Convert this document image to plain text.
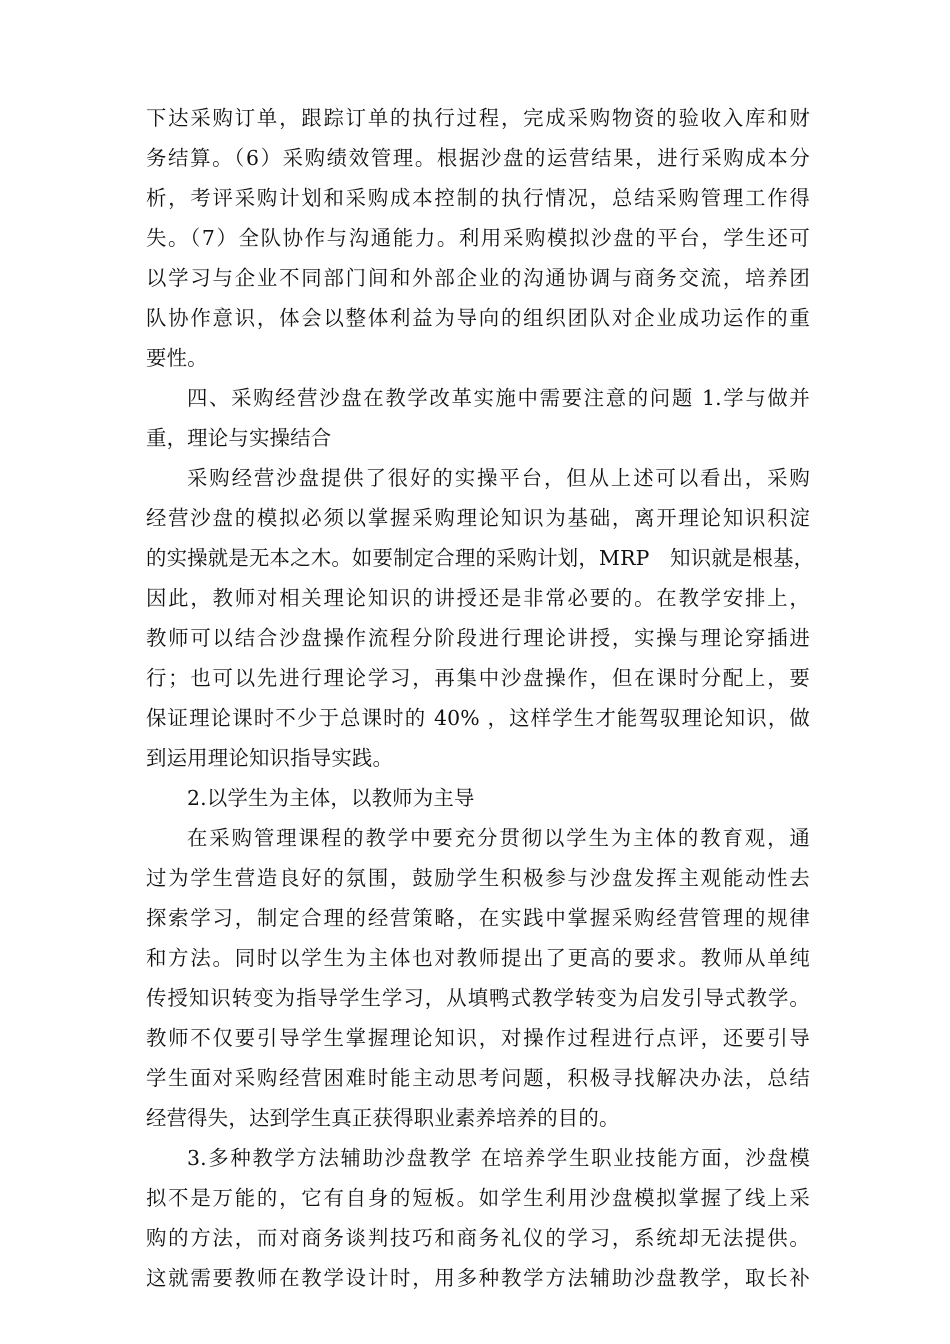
下达采购订单，跟踪订单的执行过程，完成采购物资的验收入库和财
务结算。（6）采购绩效管理。根据沙盘的运营结果，进行采购成本分
析，考评采购计划和采购成本控制的执行情况，总结采购管理工作得
失。（7）全队协作与沟通能力。利用采购模拟沙盘的平台，学生还可
以学习与企业不同部门间和外部企业的沟通协调与商务交流，培养团
队协作意识，体会以整体利益为导向的组织团队对企业成功运作的重
要性。
四、采购经营沙盘在教学改革实施中需要注意的问题 1.学与做并
重，理论与实操结合
采购经营沙盘提供了很好的实操平台，但从上述可以看出，采购
经营沙盘的模拟必须以掌握采购理论知识为基础，离开理论知识积淀
的实操就是无本之木。如要制定合理的采购计划，MRP　知识就是根基，
因此，教师对相关理论知识的讲授还是非常必要的。在教学安排上，
教师可以结合沙盘操作流程分阶段进行理论讲授，实操与理论穿插进
行；也可以先进行理论学习，再集中沙盘操作，但在课时分配上，要
保证理论课时不少于总课时的 40% ，这样学生才能驾驭理论知识，做
到运用理论知识指导实践。
2.以学生为主体，以教师为主导
在采购管理课程的教学中要充分贯彻以学生为主体的教育观，通
过为学生营造良好的氛围，鼓励学生积极参与沙盘发挥主观能动性去
探索学习，制定合理的经营策略，在实践中掌握采购经营管理的规律
和方法。同时以学生为主体也对教师提出了更高的要求。教师从单纯
传授知识转变为指导学生学习，从填鸭式教学转变为启发引导式教学。
教师不仅要引导学生掌握理论知识，对操作过程进行点评，还要引导
学生面对采购经营困难时能主动思考问题，积极寻找解决办法，总结
经营得失，达到学生真正获得职业素养培养的目的。
3.多种教学方法辅助沙盘教学 在培养学生职业技能方面，沙盘模
拟不是万能的，它有自身的短板。如学生利用沙盘模拟掌握了线上采
购的方法，而对商务谈判技巧和商务礼仪的学习，系统却无法提供。
这就需要教师在教学设计时，用多种教学方法辅助沙盘教学，取长补
